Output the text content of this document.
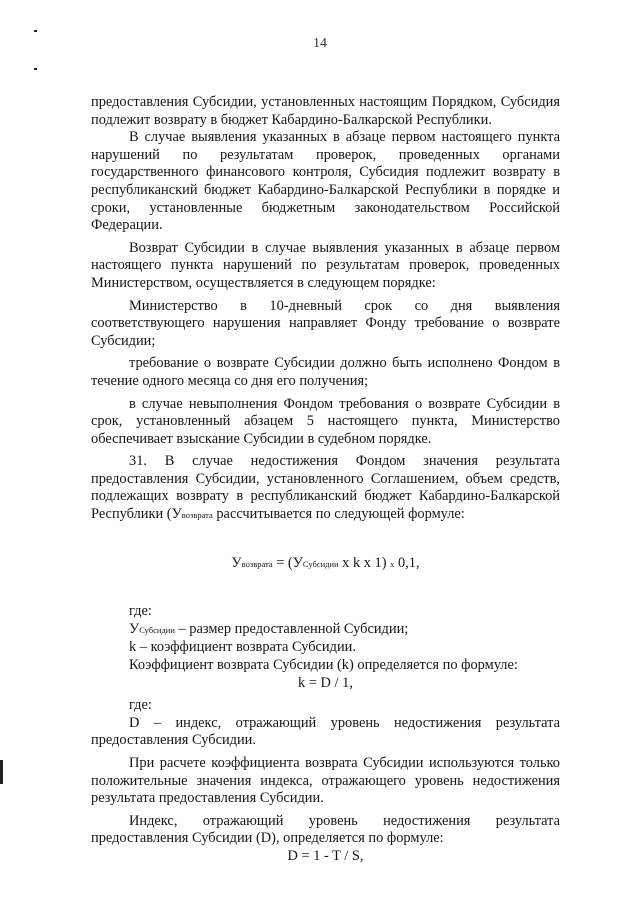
14

предоставления Субсидии, установленных настоящим Порядком, Субсидия подлежит возврату в бюджет Кабардино-Балкарской Республики.

В случае выявления указанных в абзаце первом настоящего пункта нарушений по результатам проверок, проведенных органами государственного финансового контроля, Субсидия подлежит возврату в республиканский бюджет Кабардино-Балкарской Республики в порядке и сроки, установленные бюджетным законодательством Российской Федерации.

Возврат Субсидии в случае выявления указанных в абзаце первом настоящего пункта нарушений по результатам проверок, проведенных Министерством, осуществляется в следующем порядке:

Министерство в 10-дневный срок со дня выявления соответствующего нарушения направляет Фонду требование о возврате Субсидии;

требование о возврате Субсидии должно быть исполнено Фондом в течение одного месяца со дня его получения;

в случае невыполнения Фондом требования о возврате Субсидии в срок, установленный абзацем 5 настоящего пункта, Министерство обеспечивает взыскание Субсидии в судебном порядке.

31. В случае недостижения Фондом значения результата предоставления Субсидии, установленного Соглашением, объем средств, подлежащих возврату в республиканский бюджет Кабардино-Балкарской Республики (Увозврата рассчитывается по следующей формуле:

Увозврата = (УСубсидии x k x 1) x 0,1,

где:

УСубсидии – размер предоставленной Субсидии;

k – коэффициент возврата Субсидии.

Коэффициент возврата Субсидии (k) определяется по формуле:

k = D / 1,

где:

D – индекс, отражающий уровень недостижения результата предоставления Субсидии.

При расчете коэффициента возврата Субсидии используются только положительные значения индекса, отражающего уровень недостижения результата предоставления Субсидии.

Индекс, отражающий уровень недостижения результата предоставления Субсидии (D), определяется по формуле:

D = 1 - T / S,
